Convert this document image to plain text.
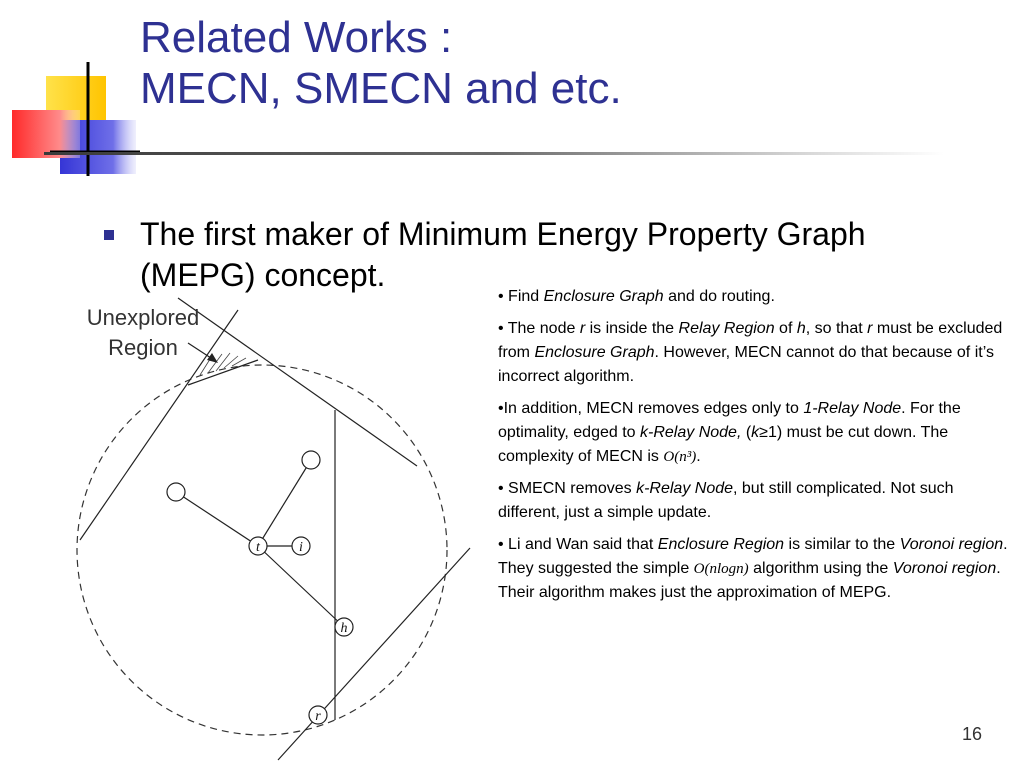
Related Works :
MECN, SMECN and etc.

The first maker of Minimum Energy Property Graph (MEPG) concept.

t	i
h
r
Unexplored
Region

• Find Enclosure Graph and do routing.

• The node r is inside the Relay Region of h, so that r must be excluded from Enclosure Graph. However, MECN cannot do that because of it’s incorrect algorithm.

•In addition, MECN removes edges only to 1-Relay Node. For the optimality, edged to k-Relay Node, (k≥1) must be cut down. The complexity of MECN is O(n³).

• SMECN removes k-Relay Node, but still complicated. Not such different, just a simple update.

• Li and Wan said that Enclosure Region is similar to the Voronoi region. They suggested the simple O(nlogn) algorithm using the Voronoi region. Their algorithm makes just the approximation of MEPG.

16
